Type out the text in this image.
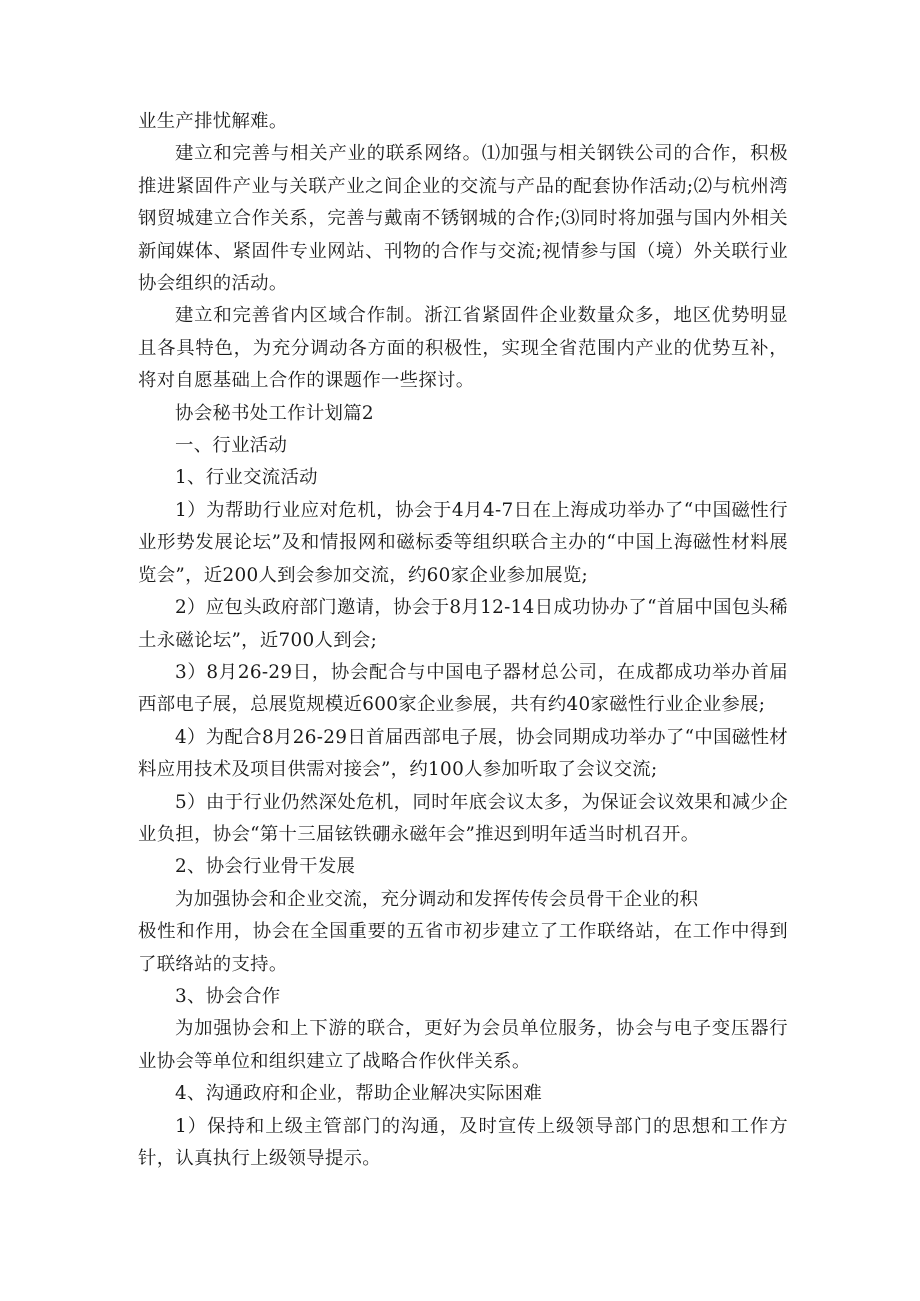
业生产排忧解难。

建立和完善与相关产业的联系网络。⑴加强与相关钢铁公司的合作，积极推进紧固件产业与关联产业之间企业的交流与产品的配套协作活动;⑵与杭州湾钢贸城建立合作关系，完善与戴南不锈钢城的合作;⑶同时将加强与国内外相关新闻媒体、紧固件专业网站、刊物的合作与交流;视情参与国（境）外关联行业协会组织的活动。

建立和完善省内区域合作制。浙江省紧固件企业数量众多，地区优势明显且各具特色，为充分调动各方面的积极性，实现全省范围内产业的优势互补，将对自愿基础上合作的课题作一些探讨。

协会秘书处工作计划篇2

一、行业活动

1、行业交流活动

1）为帮助行业应对危机，协会于4月4-7日在上海成功举办了“中国磁性行业形势发展论坛”及和情报网和磁标委等组织联合主办的“中国上海磁性材料展览会”，近200人到会参加交流，约60家企业参加展览;

2）应包头政府部门邀请，协会于8月12-14日成功协办了“首届中国包头稀土永磁论坛”，近700人到会;

3）8月26-29日，协会配合与中国电子器材总公司，在成都成功举办首届西部电子展，总展览规模近600家企业参展，共有约40家磁性行业企业参展;

4）为配合8月26-29日首届西部电子展，协会同期成功举办了“中国磁性材料应用技术及项目供需对接会”，约100人参加听取了会议交流;

5）由于行业仍然深处危机，同时年底会议太多，为保证会议效果和减少企业负担，协会“第十三届铉铁硼永磁年会”推迟到明年适当时机召开。

2、协会行业骨干发展

为加强协会和企业交流，充分调动和发挥传传会员骨干企业的积

极性和作用，协会在全国重要的五省市初步建立了工作联络站，在工作中得到了联络站的支持。

3、协会合作

为加强协会和上下游的联合，更好为会员单位服务，协会与电子变压器行业协会等单位和组织建立了战略合作伙伴关系。

4、沟通政府和企业，帮助企业解决实际困难

1）保持和上级主管部门的沟通，及时宣传上级领导部门的思想和工作方针，认真执行上级领导提示。
